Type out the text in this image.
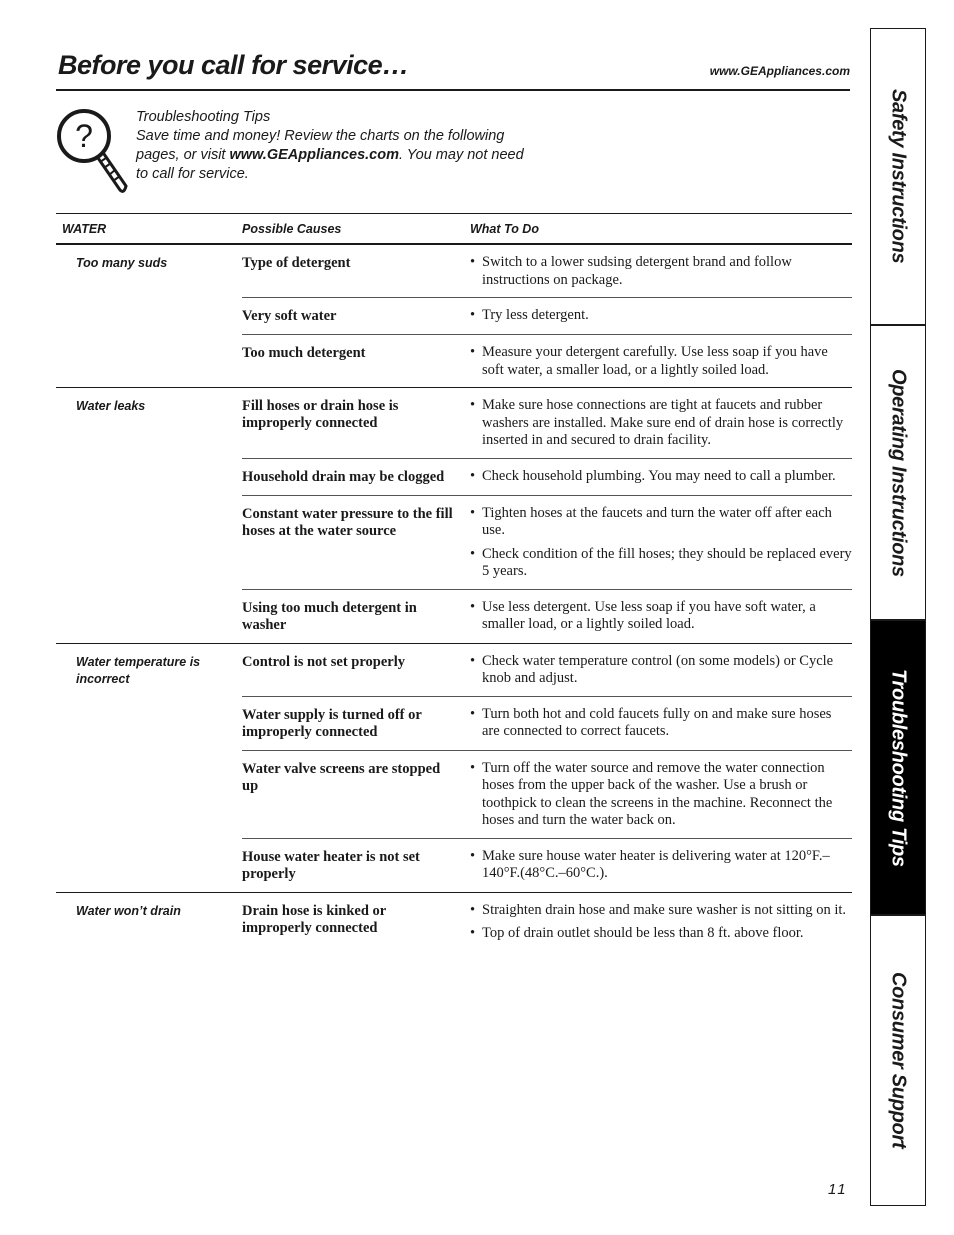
Before you call for service…	www.GEAppliances.com
?
Troubleshooting Tips
Save time and money! Review the charts on the following pages, or visit www.GEAppliances.com. You may not need to call for service.
WATER	Possible Causes	What To Do
Too many suds	Type of detergent	• Switch to a lower sudsing detergent brand and follow instructions on package.

	Very soft water	• Try less detergent.

	Too much detergent	• Measure your detergent carefully. Use less soap if you have soft water, a smaller load, or a lightly soiled load.

Water leaks	Fill hoses or drain hose is improperly connected	• Make sure hose connections are tight at faucets and rubber washers are installed. Make sure end of drain hose is correctly inserted in and secured to drain facility.

	Household drain may be clogged	• Check household plumbing. You may need to call a plumber.

	Constant water pressure to the fill hoses at the water source	• Tighten hoses at the faucets and turn the water off after each use.
• Check condition of the fill hoses; they should be replaced every 5 years.

	Using too much detergent in washer	• Use less detergent. Use less soap if you have soft water, a smaller load, or a lightly soiled load.

Water temperature is incorrect	Control is not set properly	• Check water temperature control (on some models) or Cycle knob and adjust.

	Water supply is turned off or improperly connected	• Turn both hot and cold faucets fully on and make sure hoses are connected to correct faucets.

	Water valve screens are stopped up	• Turn off the water source and remove the water connection hoses from the upper back of the washer. Use a brush or toothpick to clean the screens in the machine. Reconnect the hoses and turn the water back on.

	House water heater is not set properly	• Make sure house water heater is delivering water at 120°F.–140°F.(48°C.–60°C.).

Water won’t drain	Drain hose is kinked or improperly connected	• Straighten drain hose and make sure washer is not sitting on it.
• Top of drain outlet should be less than 8 ft. above floor.
Safety Instructions
Operating Instructions
Troubleshooting Tips
Consumer Support
11
